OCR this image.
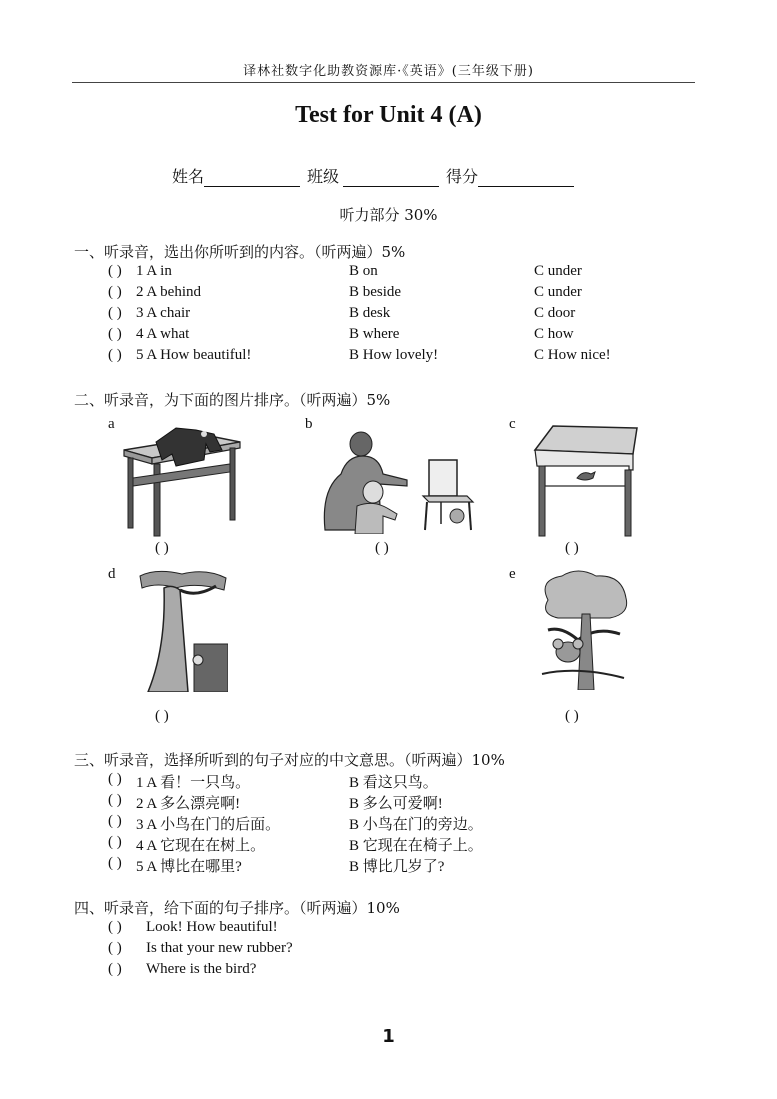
译林社数字化助教资源库·《英语》(三年级下册)
Test for Unit 4 (A)
姓名	班级	得分
听力部分 30%
一、听录音，选出你所听到的内容。（听两遍）5%
( ) 1 A in	B on	C under
( ) 2 A behind	B beside	C under
( ) 3 A chair	B desk	C door
( ) 4 A what	B where	C how
( ) 5 A How beautiful!	B How lovely!	C How nice!
二、听录音，为下面的图片排序。（听两遍）5%
a	b	c
d	e
( )	( )	( )
( )	( )
三、听录音，选择所听到的句子对应的中文意思。（听两遍）10%
( ) 1 A 看！一只鸟。	B 看这只鸟。
( ) 2 A 多么漂亮啊!	B 多么可爱啊!
( ) 3 A 小鸟在门的后面。	B 小鸟在门的旁边。
( ) 4 A 它现在在树上。	B 它现在在椅子上。
( ) 5 A 博比在哪里?	B 博比几岁了?
四、听录音，给下面的句子排序。（听两遍）10%
( ) Look! How beautiful!
( ) Is that your new rubber?
( ) Where is the bird?
1
